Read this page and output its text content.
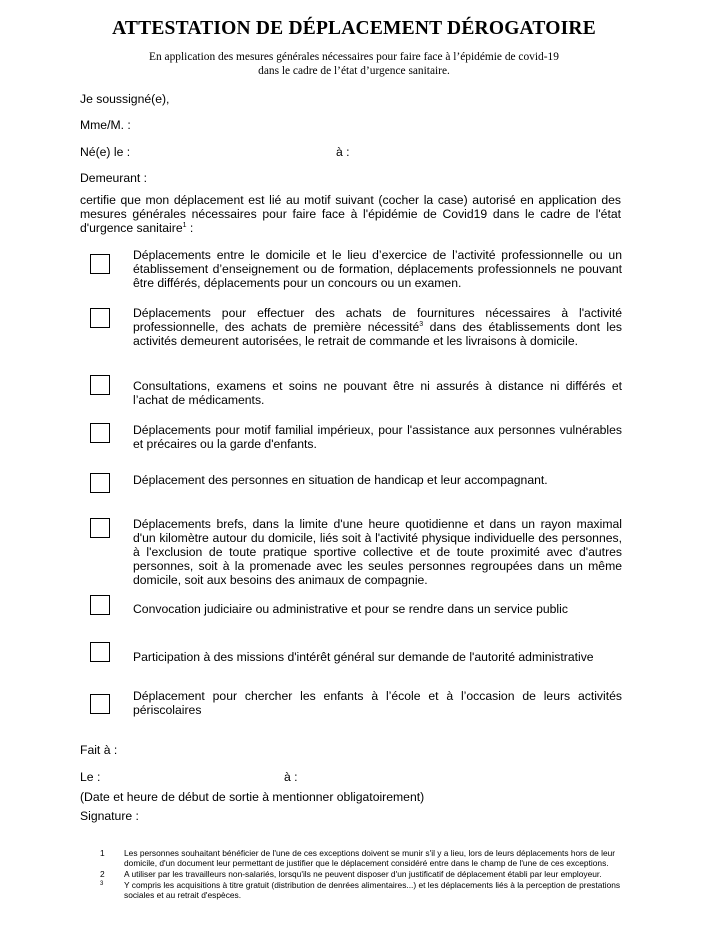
ATTESTATION DE DÉPLACEMENT DÉROGATOIRE
En application des mesures générales nécessaires pour faire face à l’épidémie de covid-19
dans le cadre de l’état d’urgence sanitaire.
Je soussigné(e),
Mme/M. :
Né(e) le :	à :
Demeurant :
certifie que mon déplacement est lié au motif suivant (cocher la case) autorisé en application des mesures générales nécessaires pour faire face à l'épidémie de Covid19 dans le cadre de l'état d'urgence sanitaire$^1$ :
Déplacements entre le domicile et le lieu d’exercice de l’activité professionnelle ou un établissement d’enseignement ou de formation, déplacements professionnels ne pouvant être différés, déplacements pour un concours ou un examen.
Déplacements pour effectuer des achats de fournitures nécessaires à l'activité professionnelle, des achats de première nécessité$^3$ dans des établissements dont les activités demeurent autorisées, le retrait de commande et les livraisons à domicile.
Consultations, examens et soins ne pouvant être ni assurés à distance ni différés et l’achat de médicaments.
Déplacements pour motif familial impérieux, pour l'assistance aux personnes vulnérables et précaires ou la garde d'enfants.
Déplacement des personnes en situation de handicap et leur accompagnant.
Déplacements brefs, dans la limite d'une heure quotidienne et dans un rayon maximal d'un kilomètre autour du domicile, liés soit à l'activité physique individuelle des personnes, à l'exclusion de toute pratique sportive collective et de toute proximité avec d'autres personnes, soit à la promenade avec les seules personnes regroupées dans un même domicile, soit aux besoins des animaux de compagnie.
Convocation judiciaire ou administrative et pour se rendre dans un service public
Participation à des missions d'intérêt général sur demande de l'autorité administrative
Déplacement pour chercher les enfants à l’école et à l’occasion de leurs activités périscolaires
Fait à :
Le :	à :
(Date et heure de début de sortie à mentionner obligatoirement)
Signature :
1	Les personnes souhaitant bénéficier de l'une de ces exceptions doivent se munir s'il y a lieu, lors de leurs déplacements hors de leur domicile, d'un document leur permettant de justifier que le déplacement considéré entre dans le champ de l'une de ces exceptions.
2	A utiliser par les travailleurs non-salariés, lorsqu'ils ne peuvent disposer d'un justificatif de déplacement établi par leur employeur.
3	Y compris les acquisitions à titre gratuit (distribution de denrées alimentaires...) et les déplacements liés à la perception de prestations sociales et au retrait d'espèces.
